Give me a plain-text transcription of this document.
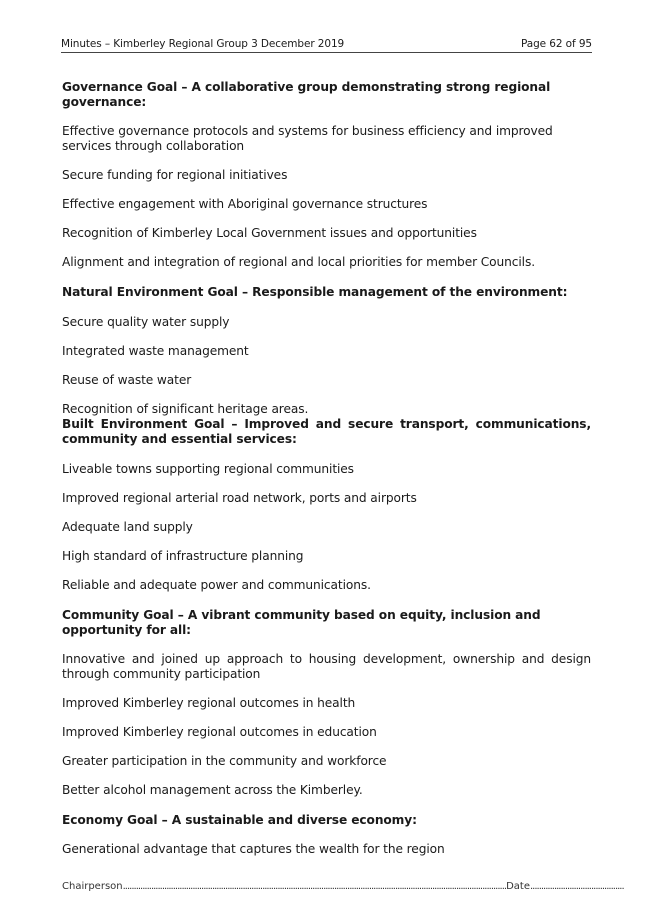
Minutes – Kimberley Regional Group 3 December 2019	Page 62 of 95
Governance Goal – A collaborative group demonstrating strong regional governance:
Effective governance protocols and systems for business efficiency and improved services through collaboration
Secure funding for regional initiatives
Effective engagement with Aboriginal governance structures
Recognition of Kimberley Local Government issues and opportunities
Alignment and integration of regional and local priorities for member Councils.
Natural Environment Goal – Responsible management of the environment:
Secure quality water supply
Integrated waste management
Reuse of waste water
Recognition of significant heritage areas.
Built Environment Goal – Improved and secure transport, communications, community and essential services:
Liveable towns supporting regional communities
Improved regional arterial road network, ports and airports
Adequate land supply
High standard of infrastructure planning
Reliable and adequate power and communications.
Community Goal – A vibrant community based on equity, inclusion and opportunity for all:
Innovative and joined up approach to housing development, ownership and design through community participation
Improved Kimberley regional outcomes in health
Improved Kimberley regional outcomes in education
Greater participation in the community and workforce
Better alcohol management across the Kimberley.
Economy Goal – A sustainable and diverse economy:
Generational advantage that captures the wealth for the region
Chairperson................................................................................................................................................................................Date...........................................
